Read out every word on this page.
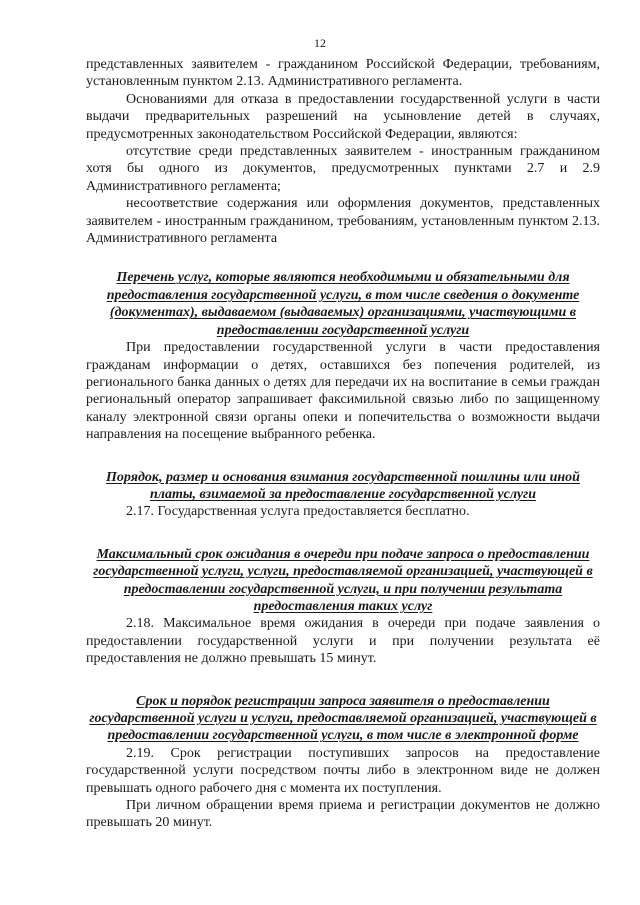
12

представленных заявителем - гражданином Российской Федерации, требованиям, установленным пунктом 2.13. Административного регламента.

Основаниями для отказа в предоставлении государственной услуги в части выдачи предварительных разрешений на усыновление детей в случаях, предусмотренных законодательством Российской Федерации, являются:

отсутствие среди представленных заявителем - иностранным гражданином хотя бы одного из документов, предусмотренных пунктами 2.7 и 2.9 Административного регламента;

несоответствие содержания или оформления документов, представленных заявителем - иностранным гражданином, требованиям, установленным пунктом 2.13. Административного регламента

Перечень услуг, которые являются необходимыми и обязательными для предоставления государственной услуги, в том числе сведения о документе (документах), выдаваемом (выдаваемых) организациями, участвующими в предоставлении государственной услуги

При предоставлении государственной услуги в части предоставления гражданам информации о детях, оставшихся без попечения родителей, из регионального банка данных о детях для передачи их на воспитание в семьи граждан региональный оператор запрашивает факсимильной связью либо по защищенному каналу электронной связи органы опеки и попечительства о возможности выдачи направления на посещение выбранного ребенка.

Порядок, размер и основания взимания государственной пошлины или иной платы, взимаемой за предоставление государственной услуги

2.17. Государственная услуга предоставляется бесплатно.

Максимальный срок ожидания в очереди при подаче запроса о предоставлении государственной услуги, услуги, предоставляемой организацией, участвующей в предоставлении государственной услуги, и при получении результата предоставления таких услуг

2.18. Максимальное время ожидания в очереди при подаче заявления о предоставлении государственной услуги и при получении результата её предоставления не должно превышать 15 минут.

Срок и порядок регистрации запроса заявителя о предоставлении государственной услуги и услуги, предоставляемой организацией, участвующей в предоставлении государственной услуги, в том числе в электронной форме

2.19. Срок регистрации поступивших запросов на предоставление государственной услуги посредством почты либо в электронном виде не должен превышать одного рабочего дня с момента их поступления.

При личном обращении время приема и регистрации документов не должно превышать 20 минут.
